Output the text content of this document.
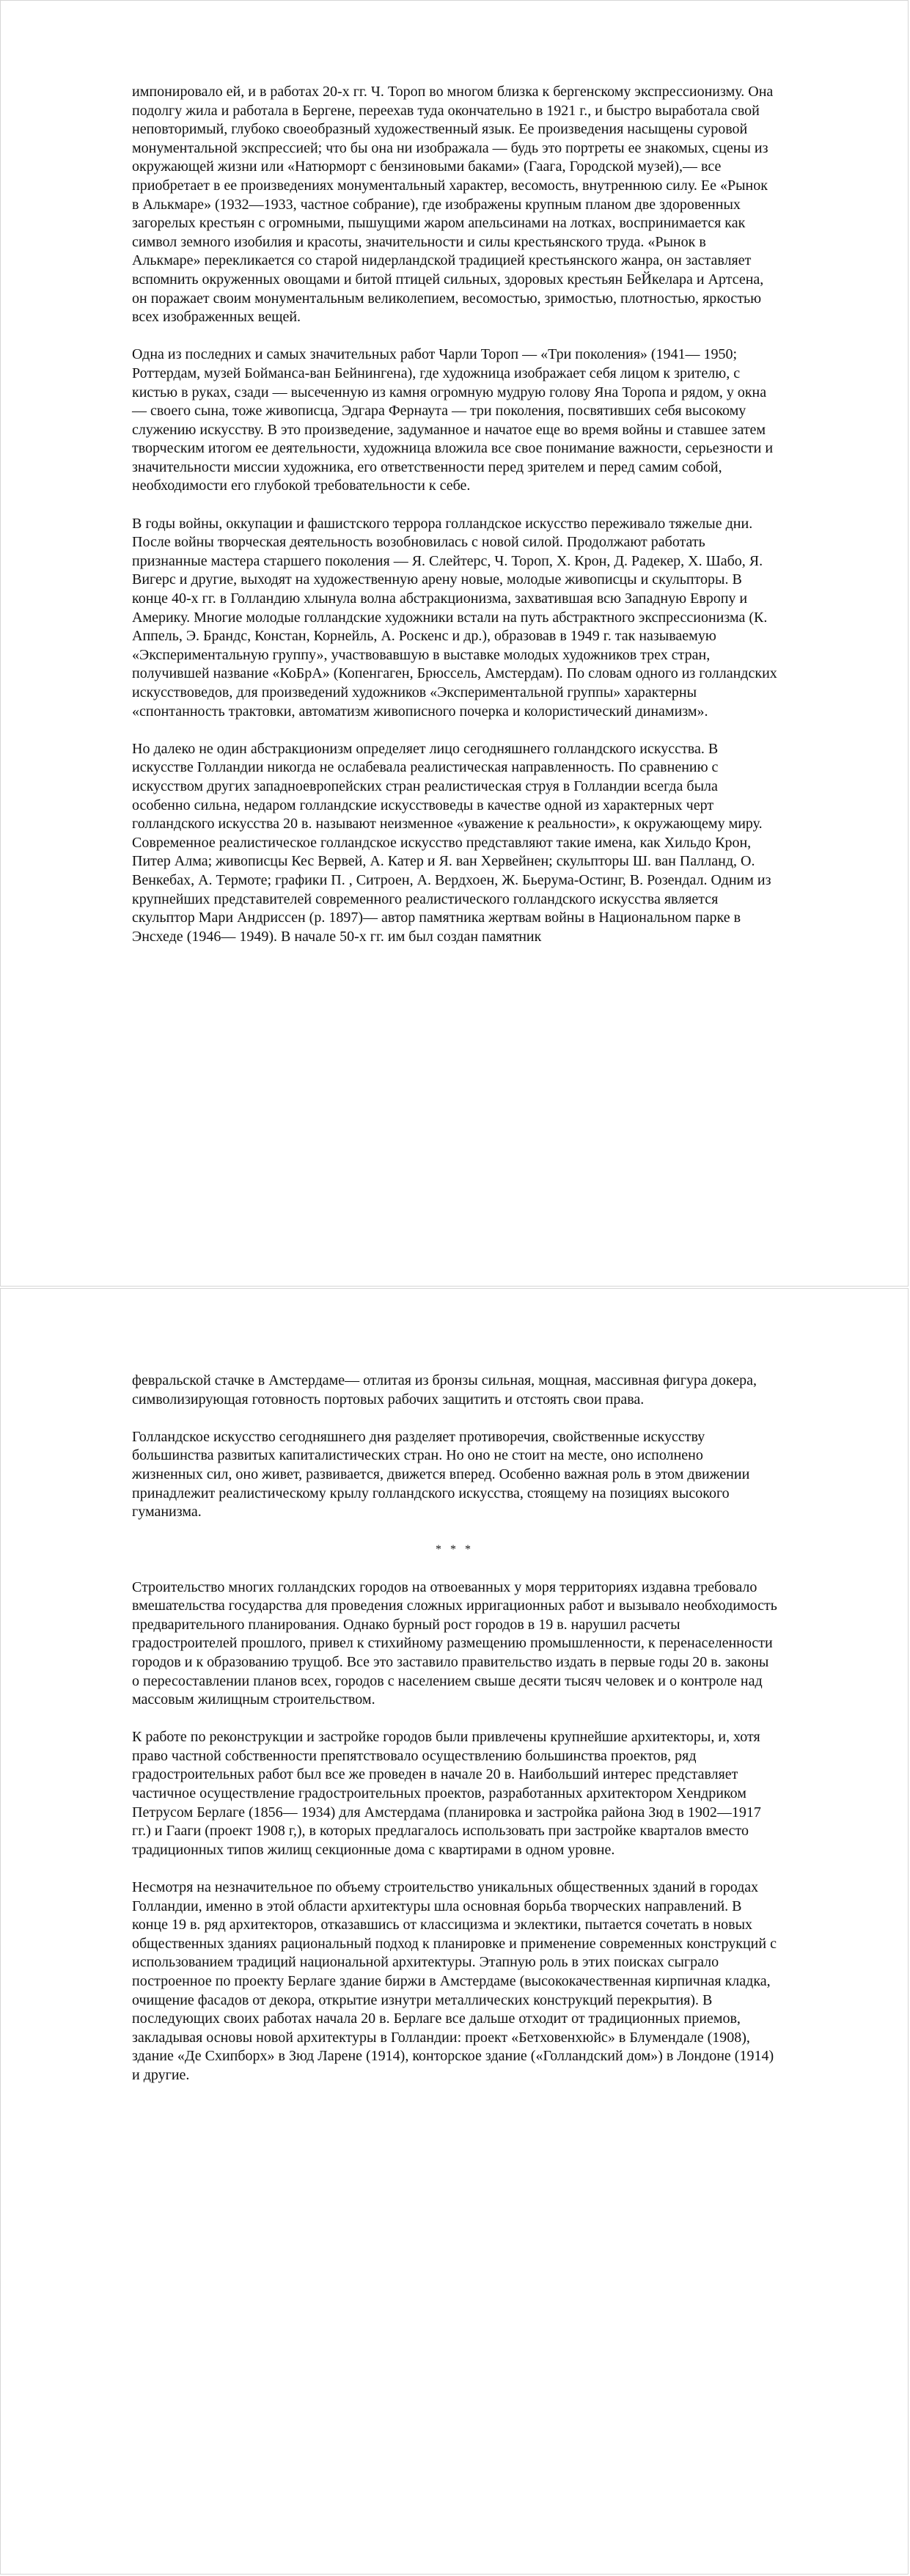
импонировало ей, и в работах 20-х гг. Ч. Тороп во многом близка к бергенскому экспрессионизму. Она подолгу жила и работала в Бергене, переехав туда окончательно в 1921 г., и быстро выработала свой неповторимый, глубоко своеобразный художественный язык. Ее произведения насыщены суровой монументальной экспрессией; что бы она ни изображала — будь это портреты ее знакомых, сцены из окружающей жизни или «Натюрморт с бензиновыми баками» (Гаага, Городской музей),— все приобретает в ее произведениях монументальный характер, весомость, внутреннюю силу. Ее «Рынок в Алькмаре» (1932—1933, частное собрание), где изображены крупным планом две здоровенных загорелых крестьян с огромными, пышущими жаром апельсинами на лотках, воспринимается как символ земного изобилия и красоты, значительности и силы крестьянского труда. «Рынок в Алькмаре» перекликается со старой нидерландской традицией крестьянского жанра, он заставляет вспомнить окруженных овощами и битой птицей сильных, здоровых крестьян БеЙкелара и Артсена, он поражает своим монументальным великолепием, весомостью, зримостью, плотностью, яркостью всех изображенных вещей.

Одна из последних и самых значительных работ Чарли Тороп — «Три поколения» (1941— 1950; Роттердам, музей Бойманса-ван Бейнингена), где художница изображает себя лицом к зрителю, с кистью в руках, сзади — высеченную из камня огромную мудрую голову Яна Торопа и рядом, у окна — своего сына, тоже живописца, Эдгара Фернаута — три поколения, посвятивших себя высокому служению искусству. В это произведение, задуманное и начатое еще во время войны и ставшее затем творческим итогом ее деятельности, художница вложила все свое понимание важности, серьезности и значительности миссии художника, его ответственности перед зрителем и перед самим собой, необходимости его глубокой требовательности к себе.

В годы войны, оккупации и фашистского террора голландское искусство переживало тяжелые дни. После войны творческая деятельность возобновилась с новой силой. Продолжают работать признанные мастера старшего поколения — Я. Слейтерс, Ч. Тороп, Х. Крон, Д. Радекер, Х. Шабо, Я. Вигерс и другие, выходят на художественную арену новые, молодые живописцы и скульпторы. В конце 40-х гг. в Голландию хлынула волна абстракционизма, захватившая всю Западную Европу и Америку. Многие молодые голландские художники встали на путь абстрактного экспрессионизма (К. Аппель, Э. Брандс, Констан, Корнейль, А. Роскенс и др.), образовав в 1949 г. так называемую «Экспериментальную группу», участвовавшую в выставке молодых художников трех стран, получившей название «КоБрА» (Копенгаген, Брюссель, Амстердам). По словам одного из голландских искусствоведов, для произведений художников «Экспериментальной группы» характерны «спонтанность трактовки, автоматизм живописного почерка и колористический динамизм».

Но далеко не один абстракционизм определяет лицо сегодняшнего голландского искусства. В искусстве Голландии никогда не ослабевала реалистическая направленность. По сравнению с искусством других западноевропейских стран реалистическая струя в Голландии всегда была особенно сильна, недаром голландские искусствоведы в качестве одной из характерных черт голландского искусства 20 в. называют неизменное «уважение к реальности», к окружающему миру. Современное реалистическое голландское искусство представляют такие имена, как Хильдо Крон, Питер Алма; живописцы Кес Вервей, А. Катер и Я. ван Хервейнен; скульпторы Ш. ван Палланд, О. Венкебах, А. Термоте; графики П. , Ситроен, А. Вердхоен, Ж. Бьеpума-Остинг, В. Розендал. Одним из крупнейших представителей современного реалистического голландского искусства является скульптор Мари Андриссен (р. 1897)— автор памятника жертвам войны в Национальном парке в Энсхеде (1946— 1949). В начале 50-х гг. им был создан памятник

февральской стачке в Амстердаме— отлитая из бронзы сильная, мощная, массивная фигура докера, символизирующая готовность портовых рабочих защитить и отстоять свои права.

Голландское искусство сегодняшнего дня разделяет противоречия, свойственные искусству большинства развитых капиталистических стран. Но оно не стоит на месте, оно исполнено жизненных сил, оно живет, развивается, движется вперед. Особенно важная роль в этом движении принадлежит реалистическому крылу голландского искусства, стоящему на позициях высокого гуманизма.

* * *

Строительство многих голландских городов на отвоеванных у моря территориях издавна требовало вмешательства государства для проведения сложных ирригационных работ и вызывало необходимость предварительного планирования. Однако бурный рост городов в 19 в. нарушил расчеты градостроителей прошлого, привел к стихийному размещению промышленности, к перенаселенности городов и к образованию трущоб. Все это заставило правительство издать в первые годы 20 в. законы о пересоставлении планов всех, городов с населением свыше десяти тысяч человек и о контроле над массовым жилищным строительством.

К работе по реконструкции и застройке городов были привлечены крупнейшие архитекторы, и, хотя право частной собственности препятствовало осуществлению большинства проектов, ряд градостроительных работ был все же проведен в начале 20 в. Наибольший интерес представляет частичное осуществление градостроительных проектов, разработанных архитектором Хендриком Петрусом Берлаге (1856— 1934) для Амстердама (планировка и застройка района Зюд в 1902—1917 гг.) и Гааги (проект 1908 г,), в которых предлагалось использовать при застройке кварталов вместо традиционных типов жилищ секционные дома с квартирами в одном уровне.

Несмотря на незначительное по объему строительство уникальных общественных зданий в городах Голландии, именно в этой области архитектуры шла основная борьба творческих направлений. В конце 19 в. ряд архитекторов, отказавшись от классицизма и эклектики, пытается сочетать в новых общественных зданиях рациональный подход к планировке и применение современных конструкций с использованием традиций национальной архитектуры. Этапную роль в этих поисках сыграло построенное по проекту Берлаге здание биржи в Амстердаме (высококачественная кирпичная кладка, очищение фасадов от декора, открытие изнутри металлических конструкций перекрытия). В последующих своих работах начала 20 в. Берлаге все дальше отходит от традиционных приемов, закладывая основы новой архитектуры в Голландии: проект «Бетховенхюйс» в Блумендале (1908), здание «Де Схипборх» в Зюд Ларене (1914), конторское здание («Голландский дом») в Лондоне (1914) и другие.
